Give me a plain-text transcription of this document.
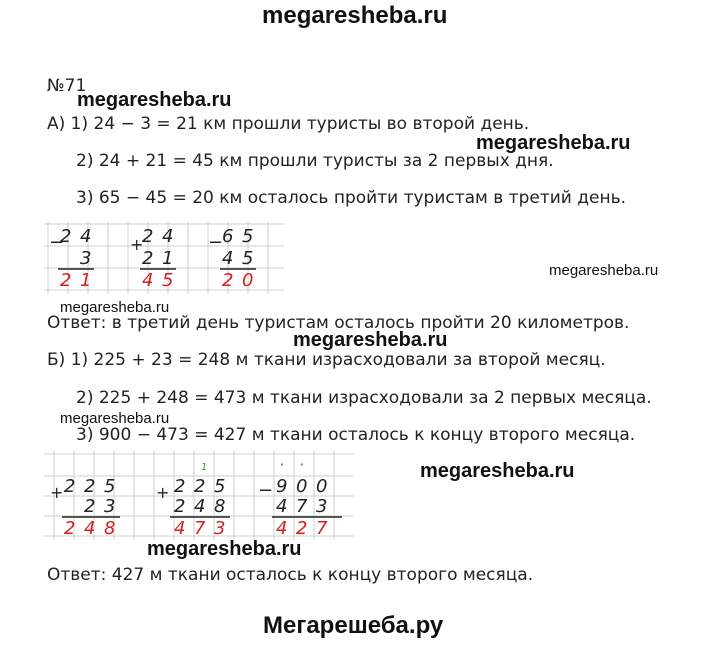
megaresheba.ru
№71
megaresheba.ru
megaresheba.ru
megaresheba.ru
megaresheba.ru
megaresheba.ru
megaresheba.ru
megaresheba.ru
megaresheba.ru
А) 1) 24 − 3 = 21 км прошли туристы во второй день.
2) 24 + 21 = 45 км прошли туристы за 2 первых дня.
3) 65 − 45 = 20 км осталось пройти туристам в третий день.
−
2 4
3
2 1
+
2 4
2 1
4 5
−
6 5
4 5
2 0
Ответ: в третий день туристам осталось пройти 20 километров.
Б) 1) 225 + 23 = 248 м ткани израсходовали за второй месяц.
2) 225 + 248 = 473 м ткани израсходовали за 2 первых месяца.
3) 900 − 473 = 427 м ткани осталось к концу второго месяца.
+ 2 2 5
2 3
2 4 8
1
+ 2 2 5
2 4 8
4 7 3
· ·
− 9 0 0
4 7 3
4 2 7
Ответ: 427 м ткани осталось к концу второго месяца.
Мегарешеба.ру
